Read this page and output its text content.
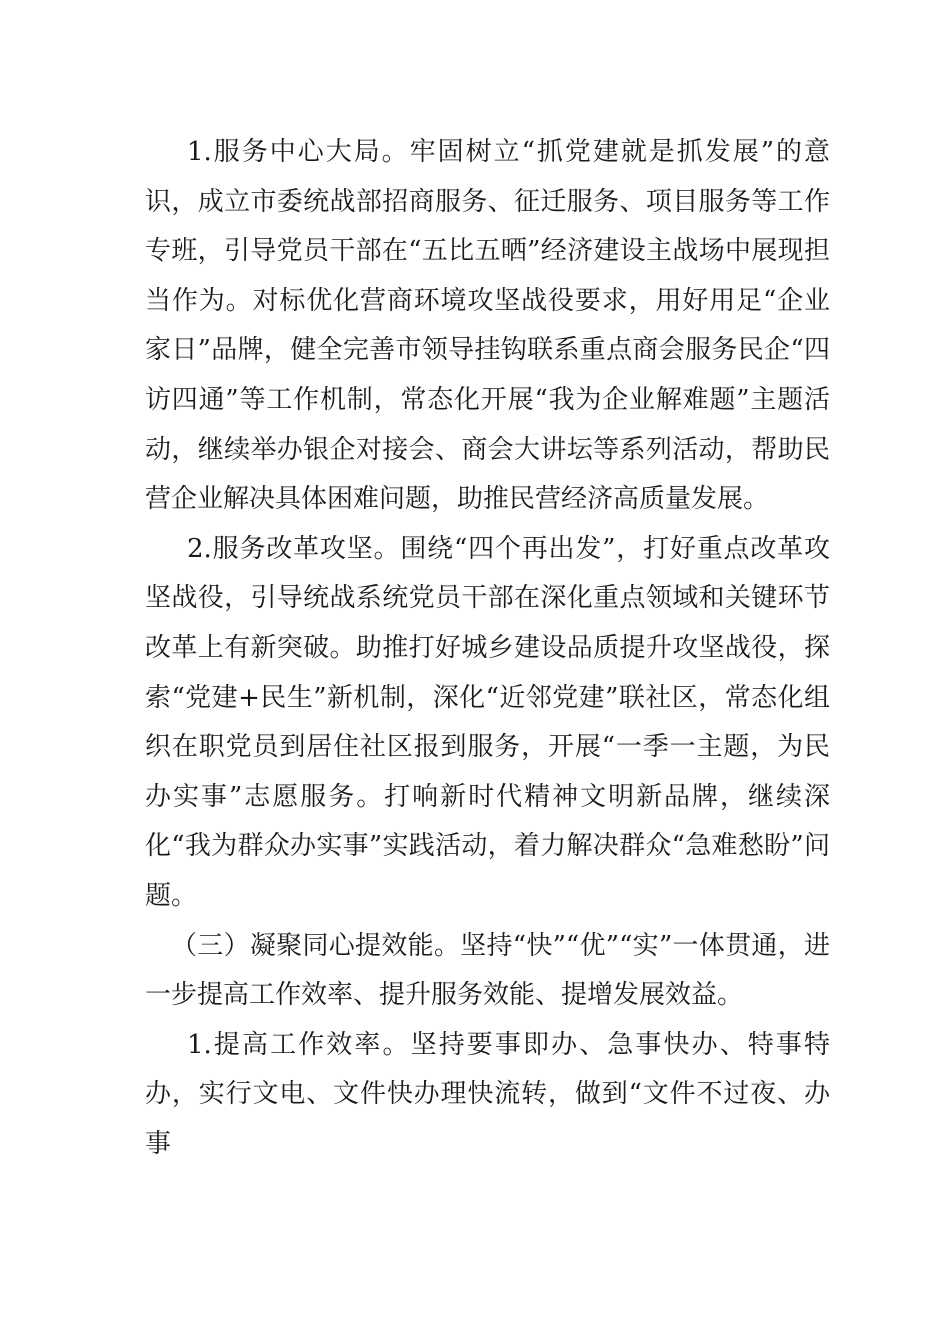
1.服务中心大局。牢固树立“抓党建就是抓发展”的意识，成立市委统战部招商服务、征迁服务、项目服务等工作专班，引导党员干部在“五比五晒”经济建设主战场中展现担当作为。对标优化营商环境攻坚战役要求，用好用足“企业家日”品牌，健全完善市领导挂钩联系重点商会服务民企“四访四通”等工作机制，常态化开展“我为企业解难题”主题活动，继续举办银企对接会、商会大讲坛等系列活动，帮助民营企业解决具体困难问题，助推民营经济高质量发展。

2.服务改革攻坚。围绕“四个再出发”，打好重点改革攻坚战役，引导统战系统党员干部在深化重点领域和关键环节改革上有新突破。助推打好城乡建设品质提升攻坚战役，探索“党建+民生”新机制，深化“近邻党建”联社区，常态化组织在职党员到居住社区报到服务，开展“一季一主题，为民办实事”志愿服务。打响新时代精神文明新品牌，继续深化“我为群众办实事”实践活动，着力解决群众“急难愁盼”问题。

（三）凝聚同心提效能。坚持“快”“优”“实”一体贯通，进一步提高工作效率、提升服务效能、提增发展效益。

1.提高工作效率。坚持要事即办、急事快办、特事特办，实行文电、文件快办理快流转，做到“文件不过夜、办事
